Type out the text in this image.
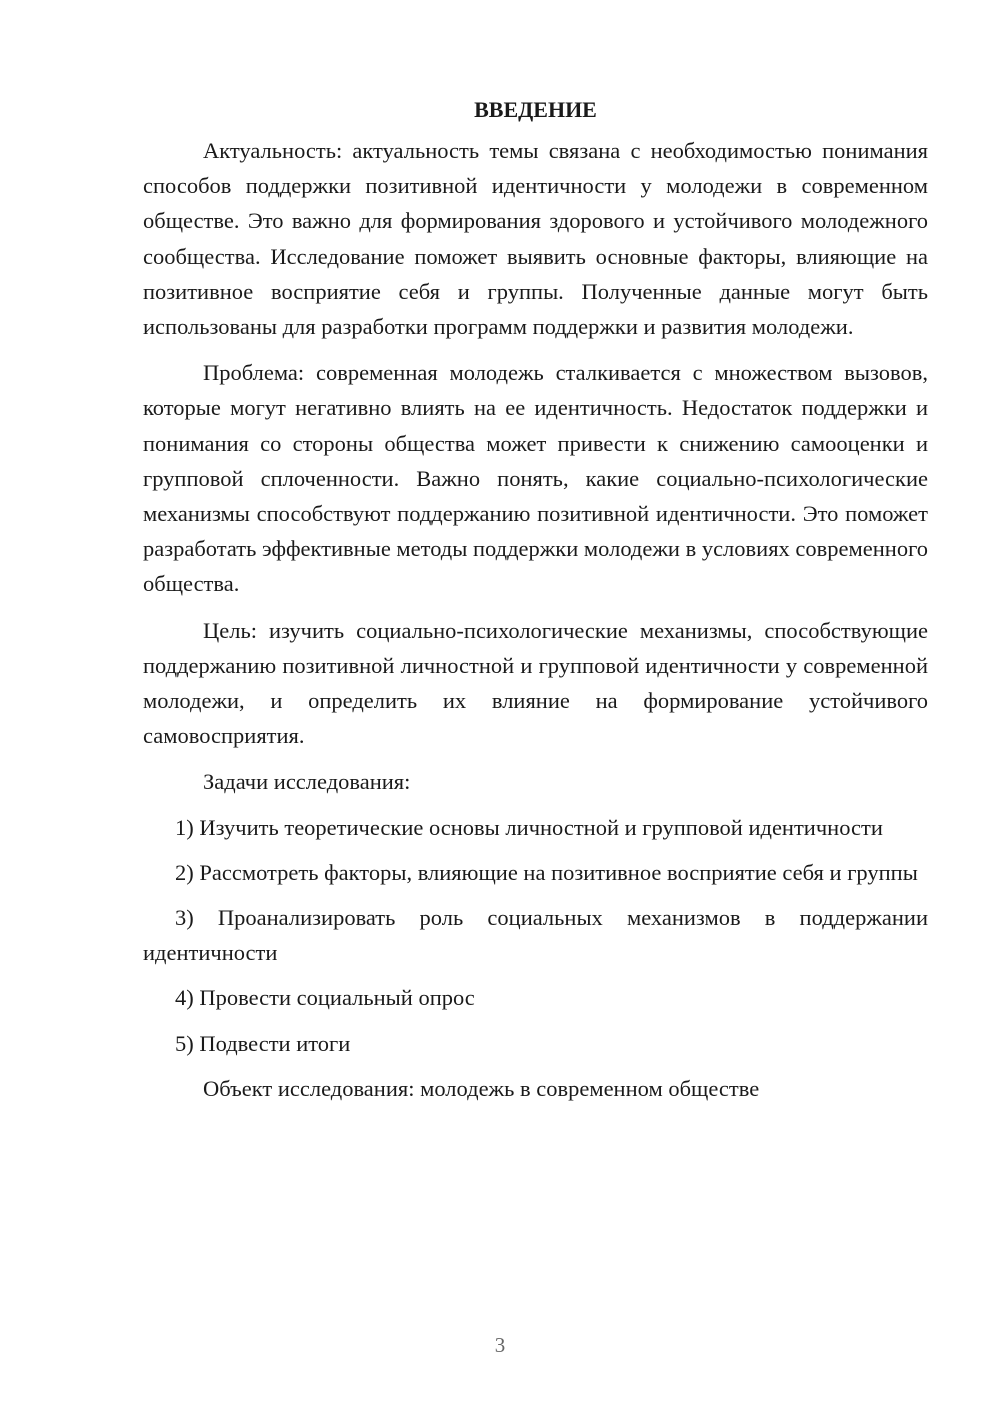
ВВЕДЕНИЕ

Актуальность: актуальность темы связана с необходимостью понимания способов поддержки позитивной идентичности у молодежи в современном обществе. Это важно для формирования здорового и устойчивого молодежного сообщества. Исследование поможет выявить основные факторы, влияющие на позитивное восприятие себя и группы. Полученные данные могут быть использованы для разработки программ поддержки и развития молодежи.

Проблема: современная молодежь сталкивается с множеством вызовов, которые могут негативно влиять на ее идентичность. Недостаток поддержки и понимания со стороны общества может привести к снижению самооценки и групповой сплоченности. Важно понять, какие социально-психологические механизмы способствуют поддержанию позитивной идентичности. Это поможет разработать эффективные методы поддержки молодежи в условиях современного общества.

Цель: изучить социально-психологические механизмы, способствующие поддержанию позитивной личностной и групповой идентичности у современной молодежи, и определить их влияние на формирование устойчивого самовосприятия.

Задачи исследования:

1) Изучить теоретические основы личностной и групповой идентичности

2) Рассмотреть факторы, влияющие на позитивное восприятие себя и группы

3) Проанализировать роль социальных механизмов в поддержании идентичности

4) Провести социальный опрос

5) Подвести итоги

Объект исследования: молодежь в современном обществе

3
